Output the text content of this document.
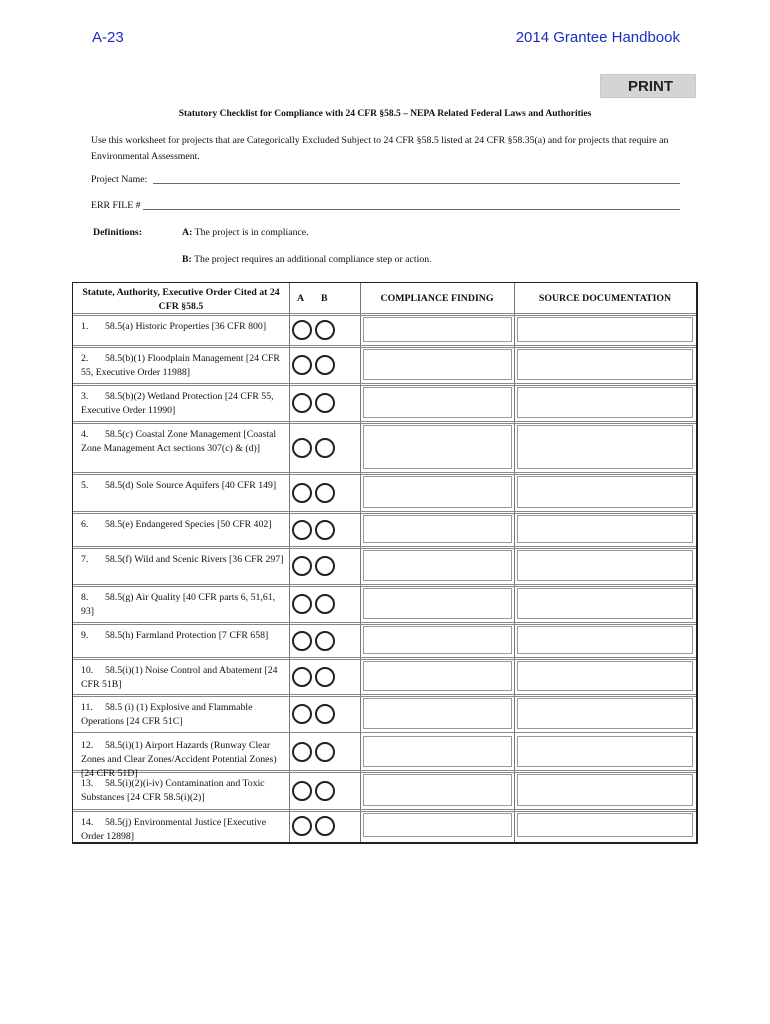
A-23	2014 Grantee Handbook
PRINT
Statutory Checklist for Compliance with 24 CFR §58.5 – NEPA Related Federal Laws and Authorities
Use this worksheet for projects that are Categorically Excluded Subject to 24 CFR §58.5 listed at 24 CFR §58.35(a) and for projects that require an Environmental Assessment.
Project Name:
ERR FILE #
Definitions:	A: The project is in compliance.
B: The project requires an additional compliance step or action.
Statute, Authority, Executive Order Cited at 24 CFR §58.5
A B	COMPLIANCE FINDING	SOURCE DOCUMENTATION
1. 58.5(a) Historic Properties [36 CFR 800]
2. 58.5(b)(1) Floodplain Management [24 CFR 55, Executive Order 11988]
3. 58.5(b)(2) Wetland Protection [24 CFR 55, Executive Order 11990]
4. 58.5(c) Coastal Zone Management [Coastal Zone Management Act sections 307(c) & (d)]
5. 58.5(d) Sole Source Aquifers [40 CFR 149]
6. 58.5(e) Endangered Species [50 CFR 402]
7. 58.5(f) Wild and Scenic Rivers [36 CFR 297]
8. 58.5(g) Air Quality [40 CFR parts 6, 51,61, 93]
9. 58.5(h) Farmland Protection [7 CFR 658]
10. 58.5(i)(1) Noise Control and Abatement [24 CFR 51B]
11. 58.5 (i) (1) Explosive and Flammable Operations [24 CFR 51C]
12. 58.5(i)(1) Airport Hazards (Runway Clear Zones and Clear Zones/Accident Potential Zones) [24 CFR 51D]
13. 58.5(i)(2)(i-iv) Contamination and Toxic Substances [24 CFR 58.5(i)(2)]
14. 58.5(j) Environmental Justice [Executive Order 12898]
